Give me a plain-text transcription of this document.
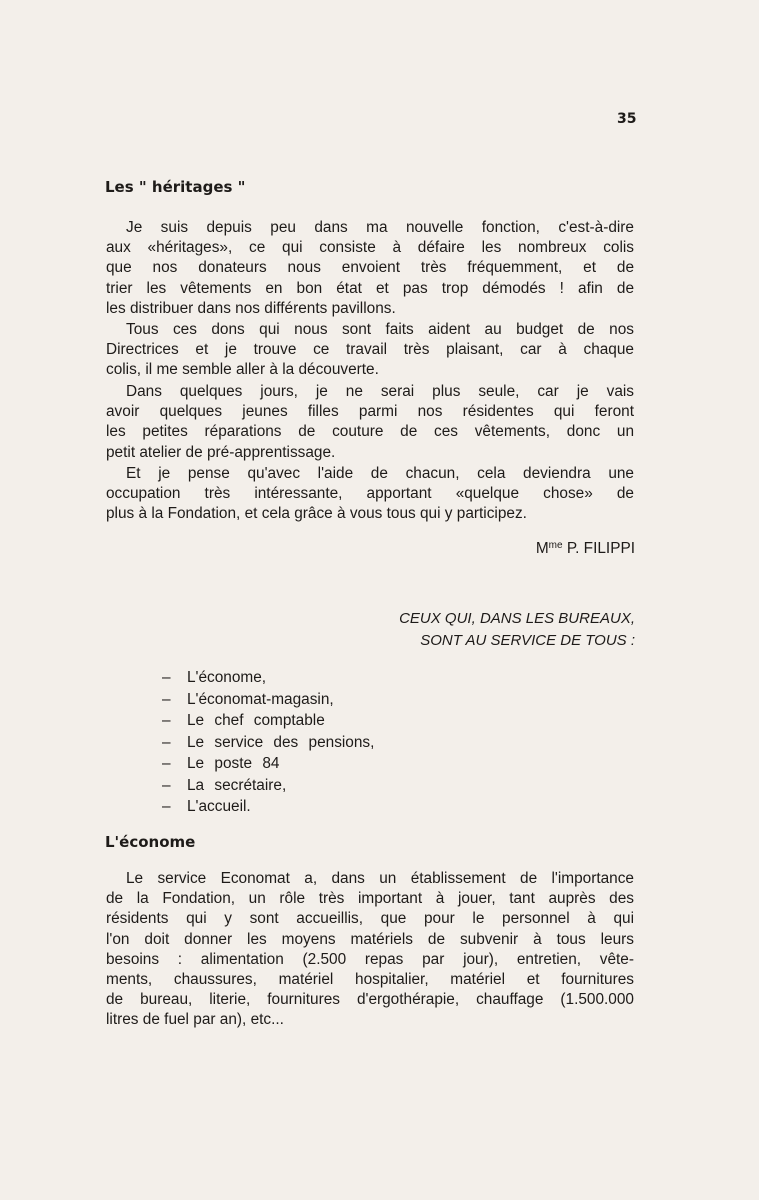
35
Les " héritages "
Je suis depuis peu dans ma nouvelle fonction, c'est-à-dire
aux «héritages», ce qui consiste à défaire les nombreux colis
que nos donateurs nous envoient très fréquemment, et de
trier les vêtements en bon état et pas trop démodés ! afin de
les distribuer dans nos différents pavillons.
Tous ces dons qui nous sont faits aident au budget de nos
Directrices et je trouve ce travail très plaisant, car à chaque
colis, il me semble aller à la découverte.
Dans quelques jours, je ne serai plus seule, car je vais
avoir quelques jeunes filles parmi nos résidentes qui feront
les petites réparations de couture de ces vêtements, donc un
petit atelier de pré-apprentissage.
Et je pense qu'avec l'aide de chacun, cela deviendra une
occupation très intéressante, apportant «quelque chose» de
plus à la Fondation, et cela grâce à vous tous qui y participez.
$M^{me}$ P. FILIPPI
CEUX QUI, DANS LES BUREAUX,
SONT AU SERVICE DE TOUS :
– L'économe,
– L'économat-magasin,
– Le chef comptable
– Le service des pensions,
– Le poste 84
– La secrétaire,
– L'accueil.
L'économe
Le service Economat a, dans un établissement de l'importance
de la Fondation, un rôle très important à jouer, tant auprès des
résidents qui y sont accueillis, que pour le personnel à qui
l'on doit donner les moyens matériels de subvenir à tous leurs
besoins : alimentation (2.500 repas par jour), entretien, vête-
ments, chaussures, matériel hospitalier, matériel et fournitures
de bureau, literie, fournitures d'ergothérapie, chauffage (1.500.000
litres de fuel par an), etc...
